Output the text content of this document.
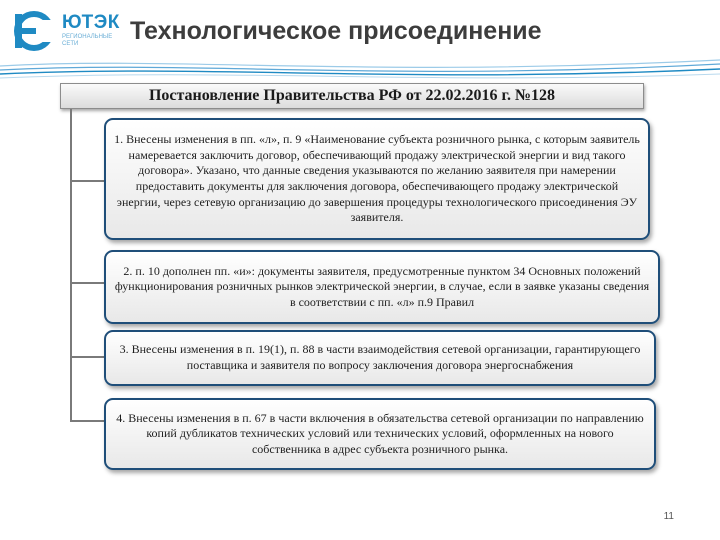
ЮТЭК
РЕГИОНАЛЬНЫЕ СЕТИ	Технологическое присоединение
Постановление Правительства РФ от 22.02.2016 г. №128
1. Внесены изменения в пп. «л», п. 9 «Наименование субъекта розничного рынка, с которым заявитель намеревается заключить договор, обеспечивающий продажу электрической энергии и вид такого договора». Указано, что данные сведения указываются по желанию заявителя при намерении предоставить документы для заключения договора, обеспечивающего продажу электрической энергии, через сетевую организацию до завершения процедуры технологического присоединения ЭУ заявителя.
2. п. 10 дополнен пп. «и»: документы заявителя, предусмотренные пунктом 34 Основных положений функционирования розничных рынков электрической энергии, в случае, если в заявке указаны сведения в соответствии с пп. «л» п.9 Правил
3. Внесены изменения в п. 19(1), п. 88 в части взаимодействия сетевой организации, гарантирующего поставщика и заявителя по вопросу заключения договора энергоснабжения
4. Внесены изменения в п. 67 в части включения в обязательства сетевой организации по направлению копий дубликатов технических условий или технических условий, оформленных на нового собственника в адрес субъекта розничного рынка.
11
